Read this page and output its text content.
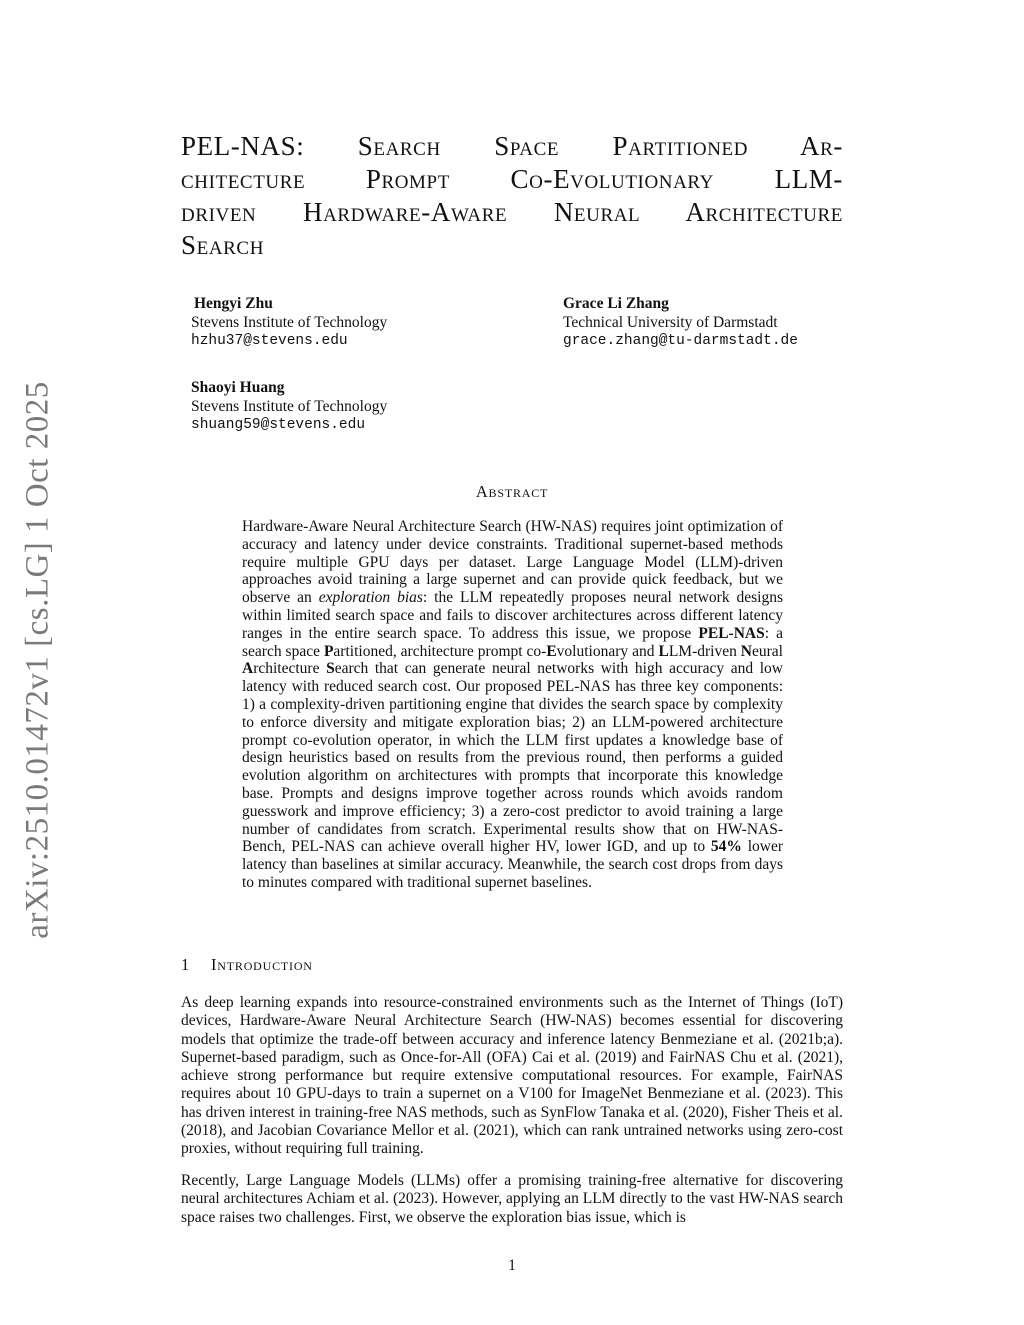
arXiv:2510.01472v1 [cs.LG] 1 Oct 2025
PEL-NAS: Search Space Partitioned Ar-
chitecture Prompt Co-Evolutionary LLM-
driven Hardware-Aware Neural Architecture
Search
Hengyi Zhu
Stevens Institute of Technology
hzhu37@stevens.edu
Grace Li Zhang
Technical University of Darmstadt
grace.zhang@tu-darmstadt.de
Shaoyi Huang
Stevens Institute of Technology
shuang59@stevens.edu
Abstract

Hardware-Aware Neural Architecture Search (HW-NAS) requires joint optimization of accuracy and latency under device constraints. Traditional supernet-based methods require multiple GPU days per dataset. Large Language Model (LLM)-driven approaches avoid training a large supernet and can provide quick feedback, but we observe an exploration bias: the LLM repeatedly proposes neural network designs within limited search space and fails to discover architectures across different latency ranges in the entire search space. To address this issue, we propose PEL-NAS: a search space Partitioned, architecture prompt co-Evolutionary and LLM-driven Neural Architecture Search that can generate neural networks with high accuracy and low latency with reduced search cost. Our proposed PEL-NAS has three key components: 1) a complexity-driven partitioning engine that divides the search space by complexity to enforce diversity and mitigate exploration bias; 2) an LLM-powered architecture prompt co-evolution operator, in which the LLM first updates a knowledge base of design heuristics based on results from the previous round, then performs a guided evolution algorithm on architectures with prompts that incorporate this knowledge base. Prompts and designs improve together across rounds which avoids random guesswork and improve efficiency; 3) a zero-cost predictor to avoid training a large number of candidates from scratch. Experimental results show that on HW-NAS-Bench, PEL-NAS can achieve overall higher HV, lower IGD, and up to 54% lower latency than baselines at similar accuracy. Meanwhile, the search cost drops from days to minutes compared with traditional supernet baselines.

1 Introduction

As deep learning expands into resource-constrained environments such as the Internet of Things (IoT) devices, Hardware-Aware Neural Architecture Search (HW-NAS) becomes essential for discovering models that optimize the trade-off between accuracy and inference latency Benmeziane et al. (2021b;a). Supernet-based paradigm, such as Once-for-All (OFA) Cai et al. (2019) and FairNAS Chu et al. (2021), achieve strong performance but require extensive computational resources. For example, FairNAS requires about 10 GPU-days to train a supernet on a V100 for ImageNet Benmeziane et al. (2023). This has driven interest in training-free NAS methods, such as SynFlow Tanaka et al. (2020), Fisher Theis et al. (2018), and Jacobian Covariance Mellor et al. (2021), which can rank untrained networks using zero-cost proxies, without requiring full training.

Recently, Large Language Models (LLMs) offer a promising training-free alternative for discovering neural architectures Achiam et al. (2023). However, applying an LLM directly to the vast HW-NAS search space raises two challenges. First, we observe the exploration bias issue, which is

1
